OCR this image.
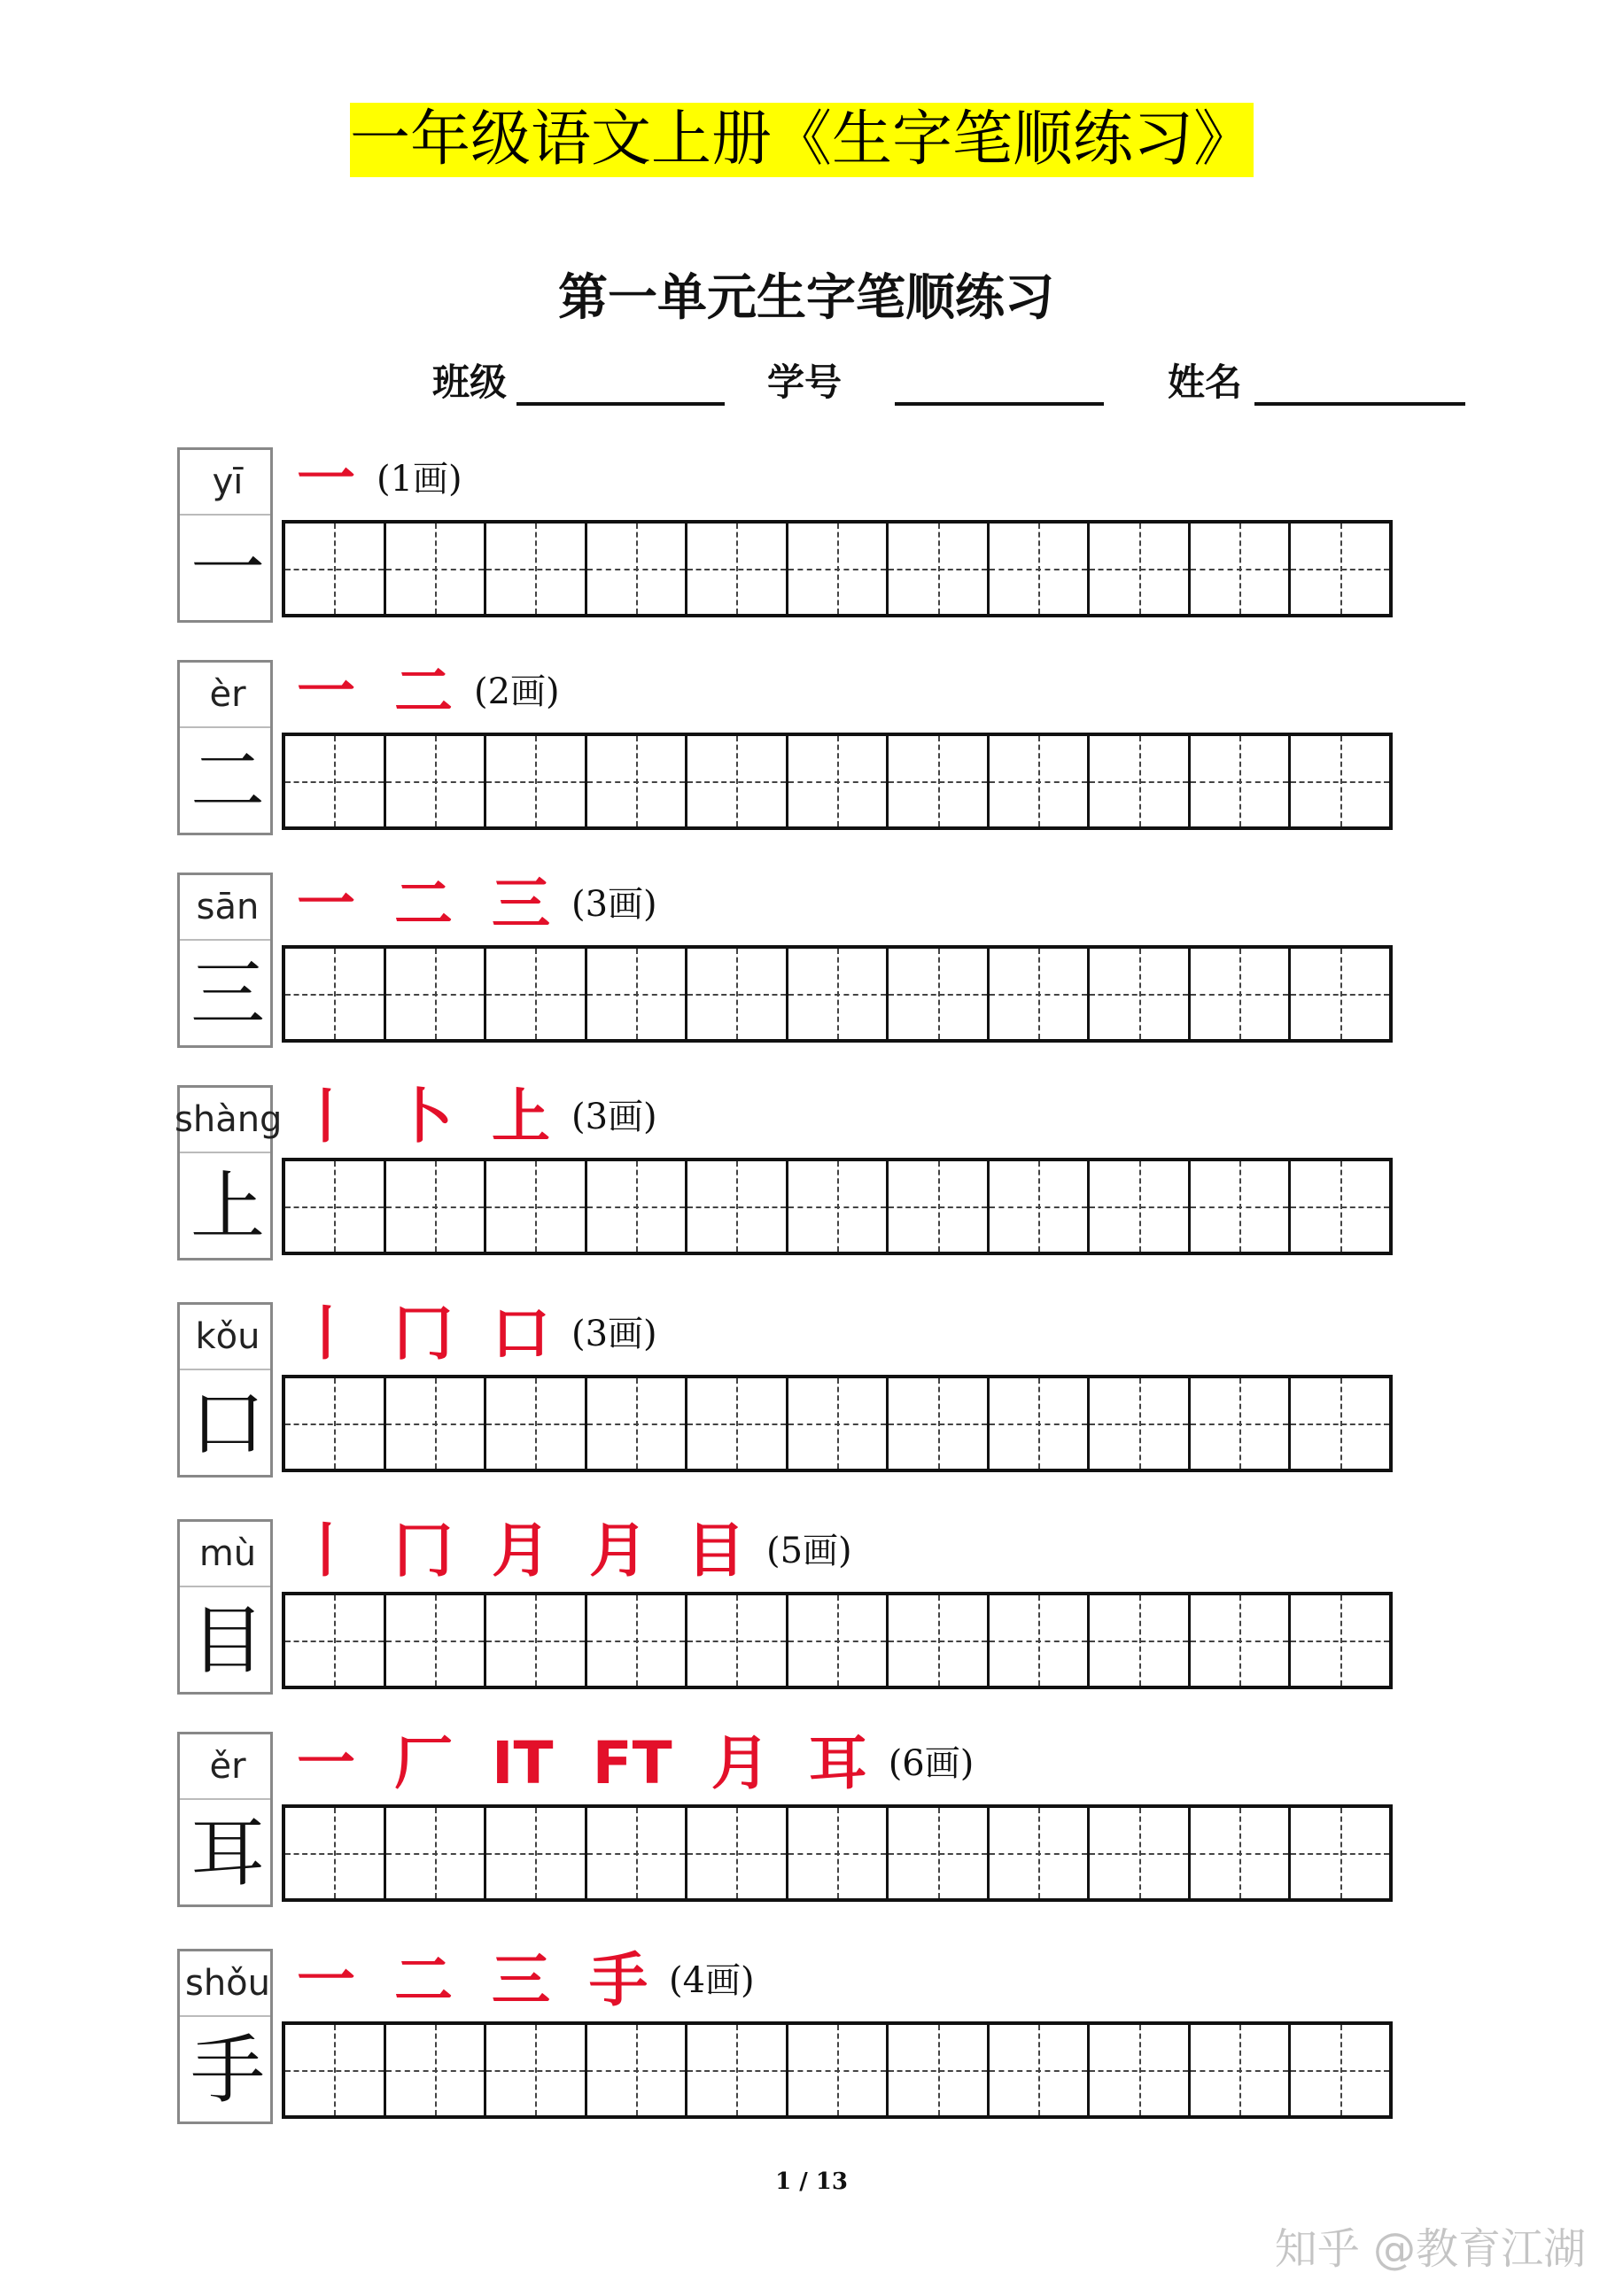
一年级语文上册《生字笔顺练习》
第一单元生字笔顺练习
班级	学号	姓名
yī
一
一 (1画)
èr
二
一 二 (2画)
sān
三
一 二 三 (3画)
shàng
上
丨 卜 上 (3画)
kǒu
口
丨 冂 口 (3画)
mù
目
丨 冂 月 月 目 (5画)
ěr
耳
一 厂 IT FT 月 耳 (6画)
shǒu
手
一 二 三 手 (4画)
1 / 13
知乎 @教育江湖
